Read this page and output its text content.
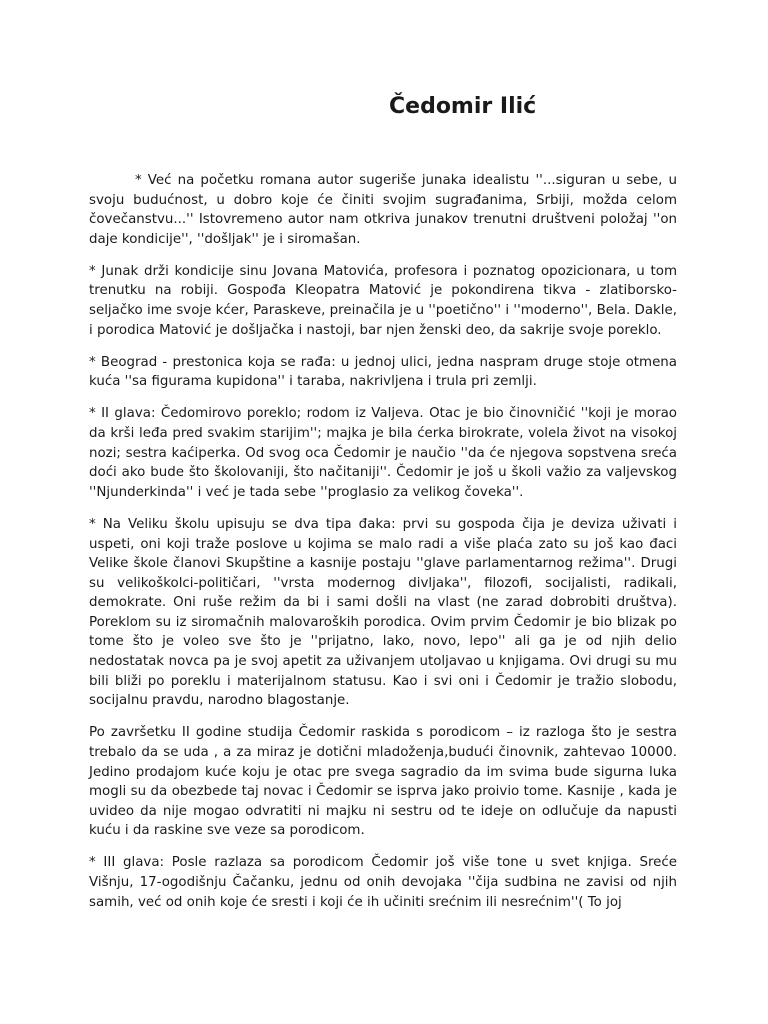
Čedomir Ilić

* Već na početku romana autor sugeriše junaka idealistu ''...siguran u sebe, u svoju budućnost, u dobro koje će činiti svojim sugrađanima, Srbiji, možda celom čovečanstvu...'' Istovremeno autor nam otkriva junakov trenutni društveni položaj ''on daje kondicije'', ''došljak'' je i siromašan.

* Junak drži kondicije sinu Jovana Matovića, profesora i poznatog opozicionara, u tom trenutku na robiji. Gospođa Kleopatra Matović je pokondirena tikva - zlatiborsko-seljačko ime svoje kćer, Paraskeve, preinačila je u ''poetično'' i ''moderno'', Bela. Dakle, i porodica Matović je došljačka i nastoji, bar njen ženski deo, da sakrije svoje poreklo.

* Beograd - prestonica koja se rađa: u jednoj ulici, jedna naspram druge stoje otmena kuća ''sa figurama kupidona'' i taraba, nakrivljena i trula pri zemlji.

* II glava: Čedomirovo poreklo; rodom iz Valjeva. Otac je bio činovničić ''koji je morao da krši leđa pred svakim starijim''; majka je bila ćerka birokrate, volela život na visokoj nozi; sestra kaćiperka. Od svog oca Čedomir je naučio ''da će njegova sopstvena sreća doći ako bude što školovaniji, što načitaniji''. Čedomir je još u školi važio za valjevskog ''Njunderkinda'' i već je tada sebe ''proglasio za velikog čoveka''.

* Na Veliku školu upisuju se dva tipa đaka: prvi su gospoda čija je deviza uživati i uspeti, oni koji traže poslove u kojima se malo radi a više plaća zato su još kao đaci Velike škole članovi Skupštine a kasnije postaju ''glave parlamentarnog režima''. Drugi su velikoškolci-političari, ''vrsta modernog divljaka'', filozofi, socijalisti, radikali, demokrate. Oni ruše režim da bi i sami došli na vlast (ne zarad dobrobiti društva). Poreklom su iz siromačnih malovaroških porodica. Ovim prvim Čedomir je bio blizak po tome što je voleo sve što je ''prijatno, lako, novo, lepo'' ali ga je od njih delio nedostatak novca pa je svoj apetit za uživanjem utoljavao u knjigama. Ovi drugi su mu bili bliži po poreklu i materijalnom statusu. Kao i svi oni i Čedomir je tražio slobodu, socijalnu pravdu, narodno blagostanje.

Po završetku II godine studija Čedomir raskida s porodicom – iz razloga što je sestra trebalo da se uda , a za miraz je dotični mladoženja,budući činovnik, zahtevao 10000. Jedino prodajom kuće koju je otac pre svega sagradio da im svima bude sigurna luka mogli su da obezbede taj novac i Čedomir se isprva jako proivio tome. Kasnije , kada je uvideo da nije mogao odvratiti ni majku ni sestru od te ideje on odlučuje da napusti kuću i da raskine sve veze sa porodicom.

* III glava: Posle razlaza sa porodicom Čedomir još više tone u svet knjiga. Sreće Višnju, 17-ogodišnju Čačanku, jednu od onih devojaka ''čija sudbina ne zavisi od njih samih, već od onih koje će sresti i koji će ih učiniti srećnim ili nesrećnim''( To joj
